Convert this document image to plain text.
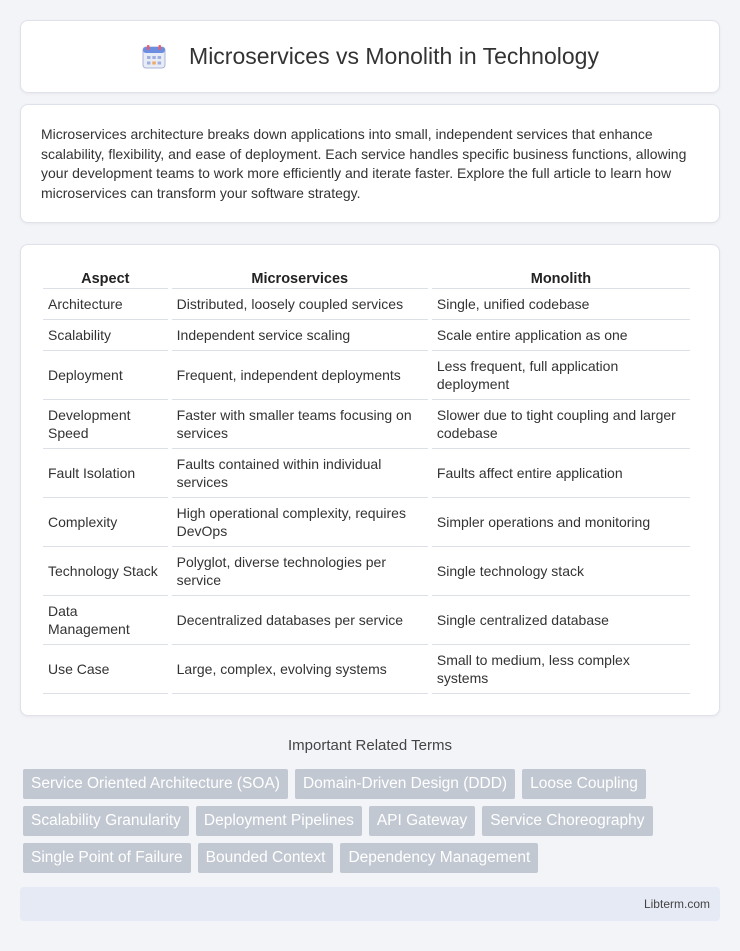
Microservices vs Monolith in Technology

Microservices architecture breaks down applications into small, independent services that enhance scalability, flexibility, and ease of deployment. Each service handles specific business functions, allowing your development teams to work more efficiently and iterate faster. Explore the full article to learn how microservices can transform your software strategy.

Aspect	Microservices	Monolith
Architecture	Distributed, loosely coupled services	Single, unified codebase
Scalability	Independent service scaling	Scale entire application as one
Deployment	Frequent, independent deployments	Less frequent, full application deployment
Development Speed	Faster with smaller teams focusing on services	Slower due to tight coupling and larger codebase
Fault Isolation	Faults contained within individual services	Faults affect entire application
Complexity	High operational complexity, requires DevOps	Simpler operations and monitoring
Technology Stack	Polyglot, diverse technologies per service	Single technology stack
Data Management	Decentralized databases per service	Single centralized database
Use Case	Large, complex, evolving systems	Small to medium, less complex systems
Important Related Terms
Service Oriented Architecture (SOA)	Domain-Driven Design (DDD)	Loose Coupling
Scalability Granularity	Deployment Pipelines	API Gateway	Service Choreography
Single Point of Failure	Bounded Context	Dependency Management
Libterm.com
